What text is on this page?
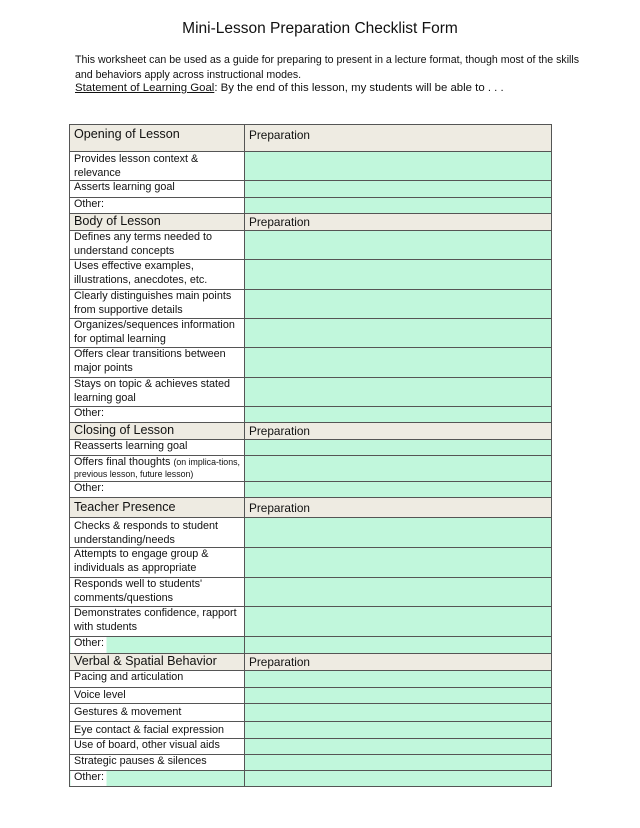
Mini-Lesson Preparation Checklist Form
This worksheet can be used as a guide for preparing to present in a lecture format, though most of the skills and behaviors apply across instructional modes.
Statement of Learning Goal: By the end of this lesson, my students will be able to . . .
Opening of Lesson	Preparation
Provides lesson context & relevance	
Asserts learning goal	
Other:	
Body of Lesson	Preparation
Defines any terms needed to understand concepts	
Uses effective examples, illustrations, anecdotes, etc.	
Clearly distinguishes main points from supportive details	
Organizes/sequences information for optimal learning	
Offers clear transitions between major points	
Stays on topic & achieves stated learning goal	
Other:	
Closing of Lesson	Preparation
Reasserts learning goal	
Offers final thoughts (on implica-tions, previous lesson, future lesson)	
Other:	
Teacher Presence	Preparation
Checks & responds to student understanding/needs	
Attempts to engage group & individuals as appropriate	
Responds well to students' comments/questions	
Demonstrates confidence, rapport with students	
Other:	
Verbal & Spatial Behavior	Preparation
Pacing and articulation	
Voice level	
Gestures & movement	
Eye contact & facial expression	
Use of board, other visual aids	
Strategic pauses & silences	
Other:	
